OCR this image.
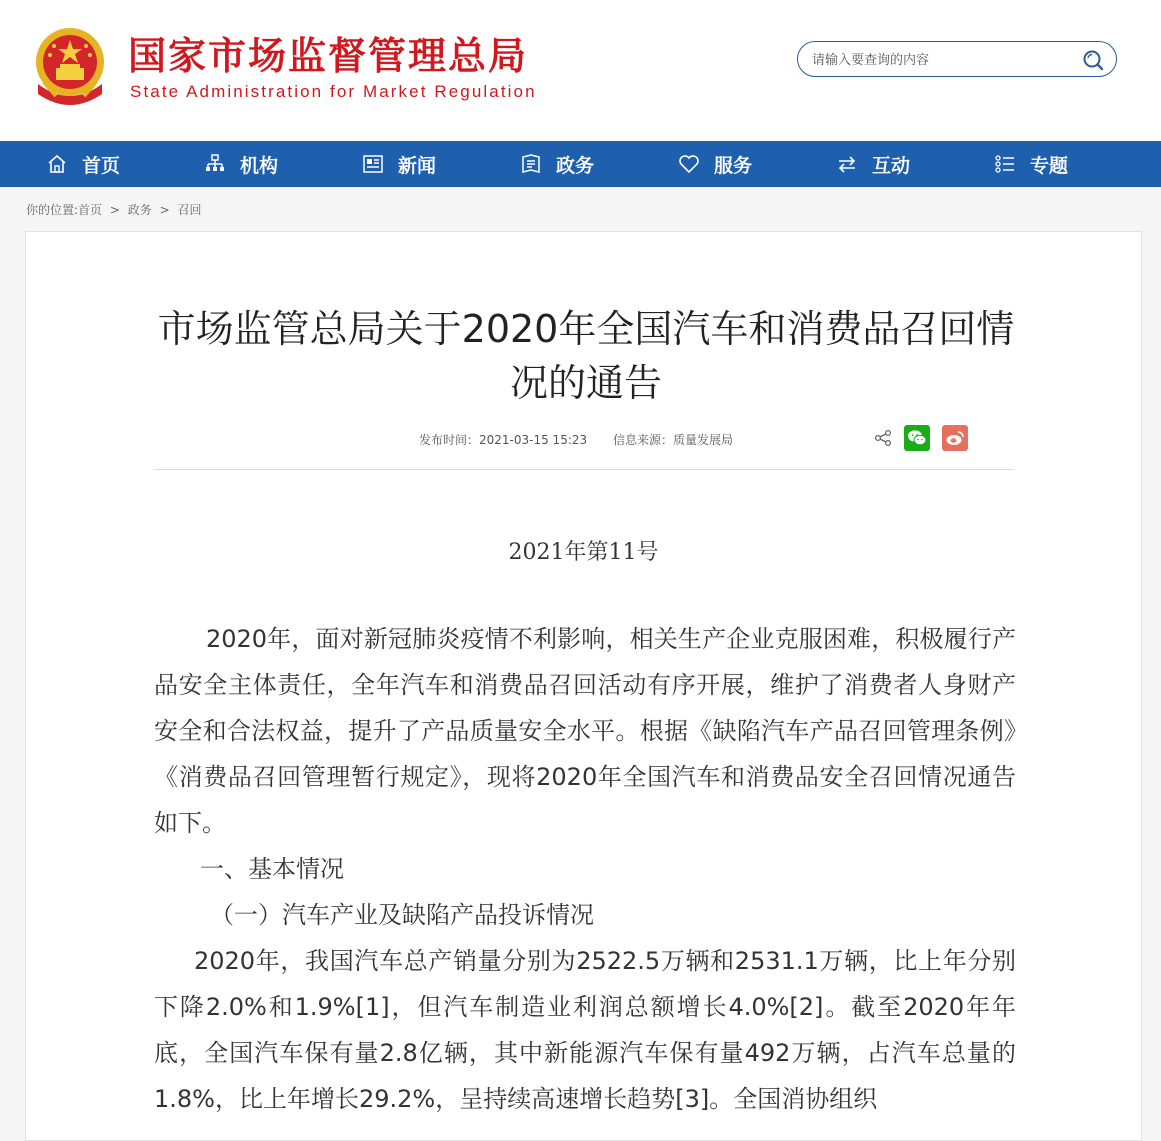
国家市场监督管理总局
State Administration for Market Regulation
请输入要查询的内容
首页	机构	新闻	政务	服务	互动	专题
你的位置:首页 > 政务 > 召回
市场监管总局关于2020年全国汽车和消费品召回情况的通告
发布时间：2021-03-15 15:23 信息来源：质量发展局
2021年第11号

2020年，面对新冠肺炎疫情不利影响，相关生产企业克服困难，积极履行产品安全主体责任，全年汽车和消费品召回活动有序开展，维护了消费者人身财产安全和合法权益，提升了产品质量安全水平。根据《缺陷汽车产品召回管理条例》《消费品召回管理暂行规定》，现将2020年全国汽车和消费品安全召回情况通告如下。

一、基本情况

（一）汽车产业及缺陷产品投诉情况

2020年，我国汽车总产销量分别为2522.5万辆和2531.1万辆，比上年分别下降2.0%和1.9%[1]，但汽车制造业利润总额增长4.0%[2]。截至2020年年底，全国汽车保有量2.8亿辆，其中新能源汽车保有量492万辆，占汽车总量的1.8%，比上年增长29.2%，呈持续高速增长趋势[3]。全国消协组织
